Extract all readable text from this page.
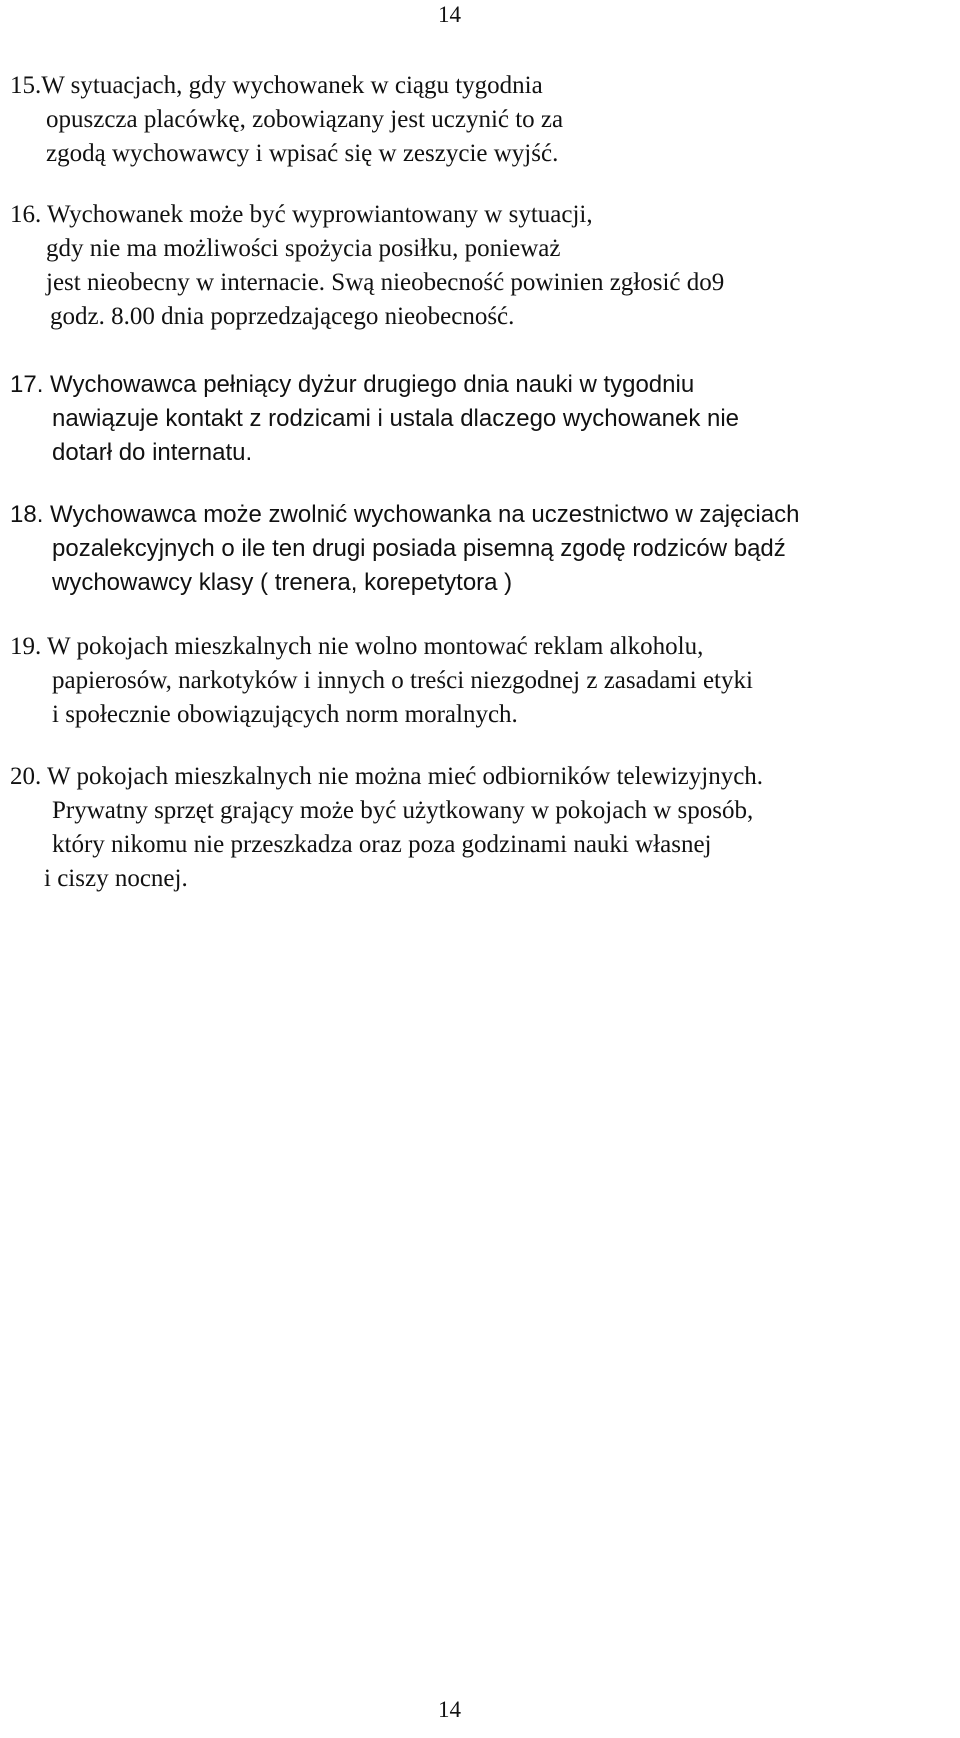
14
15.W sytuacjach, gdy wychowanek w ciągu tygodnia
opuszcza placówkę, zobowiązany jest uczynić to za
zgodą wychowawcy i wpisać się w zeszycie wyjść.
16. Wychowanek może być wyprowiantowany w sytuacji,
gdy nie ma możliwości spożycia posiłku, ponieważ
jest nieobecny w internacie. Swą nieobecność powinien zgłosić do9
godz. 8.00 dnia poprzedzającego nieobecność.
17. Wychowawca pełniący dyżur drugiego dnia nauki w tygodniu
nawiązuje kontakt z rodzicami i ustala dlaczego wychowanek nie
dotarł do internatu.
18. Wychowawca może zwolnić wychowanka na uczestnictwo w zajęciach
pozalekcyjnych o ile ten drugi posiada pisemną zgodę rodziców bądź
wychowawcy klasy ( trenera, korepetytora )
19. W pokojach mieszkalnych nie wolno montować reklam alkoholu,
papierosów, narkotyków i innych o treści niezgodnej z zasadami etyki
i społecznie obowiązujących norm moralnych.
20. W pokojach mieszkalnych nie można mieć odbiorników telewizyjnych.
Prywatny sprzęt grający może być użytkowany w pokojach w sposób,
który nikomu nie przeszkadza oraz poza godzinami nauki własnej
i ciszy nocnej.
14
